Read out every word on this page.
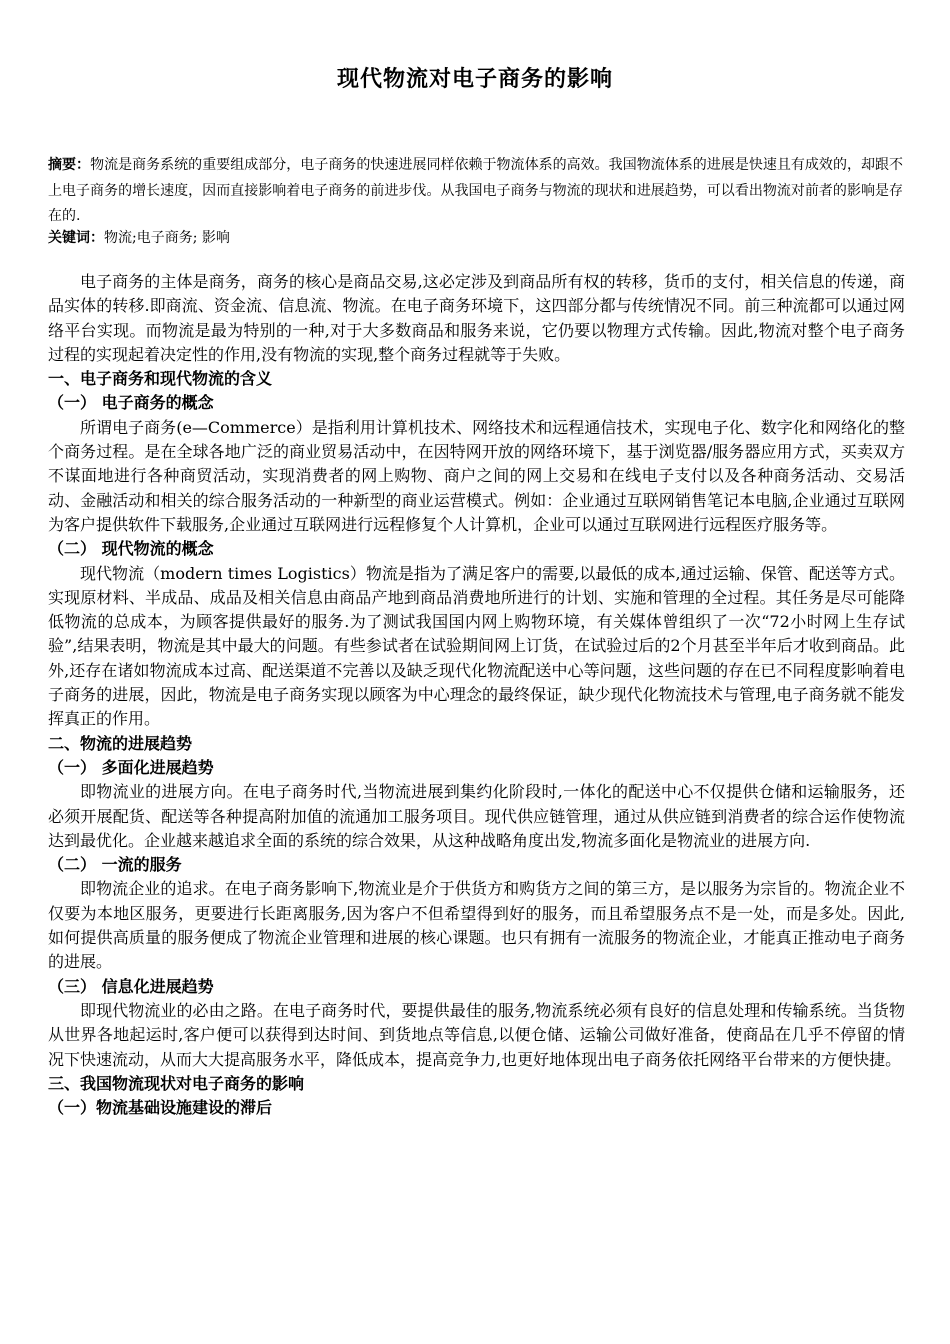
现代物流对电子商务的影响
摘要：物流是商务系统的重要组成部分，电子商务的快速进展同样依赖于物流体系的高效。我国物流体系的进展是快速且有成效的，却跟不上电子商务的增长速度，因而直接影响着电子商务的前进步伐。从我国电子商务与物流的现状和进展趋势，可以看出物流对前者的影响是存在的.
关键词：物流;电子商务; 影响

电子商务的主体是商务，商务的核心是商品交易,这必定涉及到商品所有权的转移，货币的支付，相关信息的传递，商品实体的转移.即商流、资金流、信息流、物流。在电子商务环境下，这四部分都与传统情况不同。前三种流都可以通过网络平台实现。而物流是最为特别的一种,对于大多数商品和服务来说，它仍要以物理方式传输。因此,物流对整个电子商务过程的实现起着决定性的作用,没有物流的实现,整个商务过程就等于失败。

一、电子商务和现代物流的含义
（一） 电子商务的概念

所谓电子商务(e—Commerce）是指利用计算机技术、网络技术和远程通信技术，实现电子化、数字化和网络化的整个商务过程。是在全球各地广泛的商业贸易活动中，在因特网开放的网络环境下，基于浏览器/服务器应用方式，买卖双方不谋面地进行各种商贸活动，实现消费者的网上购物、商户之间的网上交易和在线电子支付以及各种商务活动、交易活动、金融活动和相关的综合服务活动的一种新型的商业运营模式。例如：企业通过互联网销售笔记本电脑,企业通过互联网为客户提供软件下载服务,企业通过互联网进行远程修复个人计算机，企业可以通过互联网进行远程医疗服务等。

（二） 现代物流的概念

现代物流（modern times Logistics）物流是指为了满足客户的需要,以最低的成本,通过运输、保管、配送等方式。实现原材料、半成品、成品及相关信息由商品产地到商品消费地所进行的计划、实施和管理的全过程。其任务是尽可能降低物流的总成本，为顾客提供最好的服务.为了测试我国国内网上购物环境，有关媒体曾组织了一次“72小时网上生存试验”,结果表明，物流是其中最大的问题。有些参试者在试验期间网上订货，在试验过后的2个月甚至半年后才收到商品。此外,还存在诸如物流成本过高、配送渠道不完善以及缺乏现代化物流配送中心等问题，这些问题的存在已不同程度影响着电子商务的进展，因此，物流是电子商务实现以顾客为中心理念的最终保证，缺少现代化物流技术与管理,电子商务就不能发挥真正的作用。

二、物流的进展趋势
（一） 多面化进展趋势

即物流业的进展方向。在电子商务时代,当物流进展到集约化阶段时,一体化的配送中心不仅提供仓储和运输服务，还必须开展配货、配送等各种提高附加值的流通加工服务项目。现代供应链管理，通过从供应链到消费者的综合运作使物流达到最优化。企业越来越追求全面的系统的综合效果，从这种战略角度出发,物流多面化是物流业的进展方向.

（二） 一流的服务

即物流企业的追求。在电子商务影响下,物流业是介于供货方和购货方之间的第三方，是以服务为宗旨的。物流企业不仅要为本地区服务，更要进行长距离服务,因为客户不但希望得到好的服务，而且希望服务点不是一处，而是多处。因此,如何提供高质量的服务便成了物流企业管理和进展的核心课题。也只有拥有一流服务的物流企业，才能真正推动电子商务的进展。

（三） 信息化进展趋势

即现代物流业的必由之路。在电子商务时代，要提供最佳的服务,物流系统必须有良好的信息处理和传输系统。当货物从世界各地起运时,客户便可以获得到达时间、到货地点等信息,以便仓储、运输公司做好准备，使商品在几乎不停留的情况下快速流动，从而大大提高服务水平，降低成本，提高竞争力,也更好地体现出电子商务依托网络平台带来的方便快捷。

三、我国物流现状对电子商务的影响
（一）物流基础设施建设的滞后
